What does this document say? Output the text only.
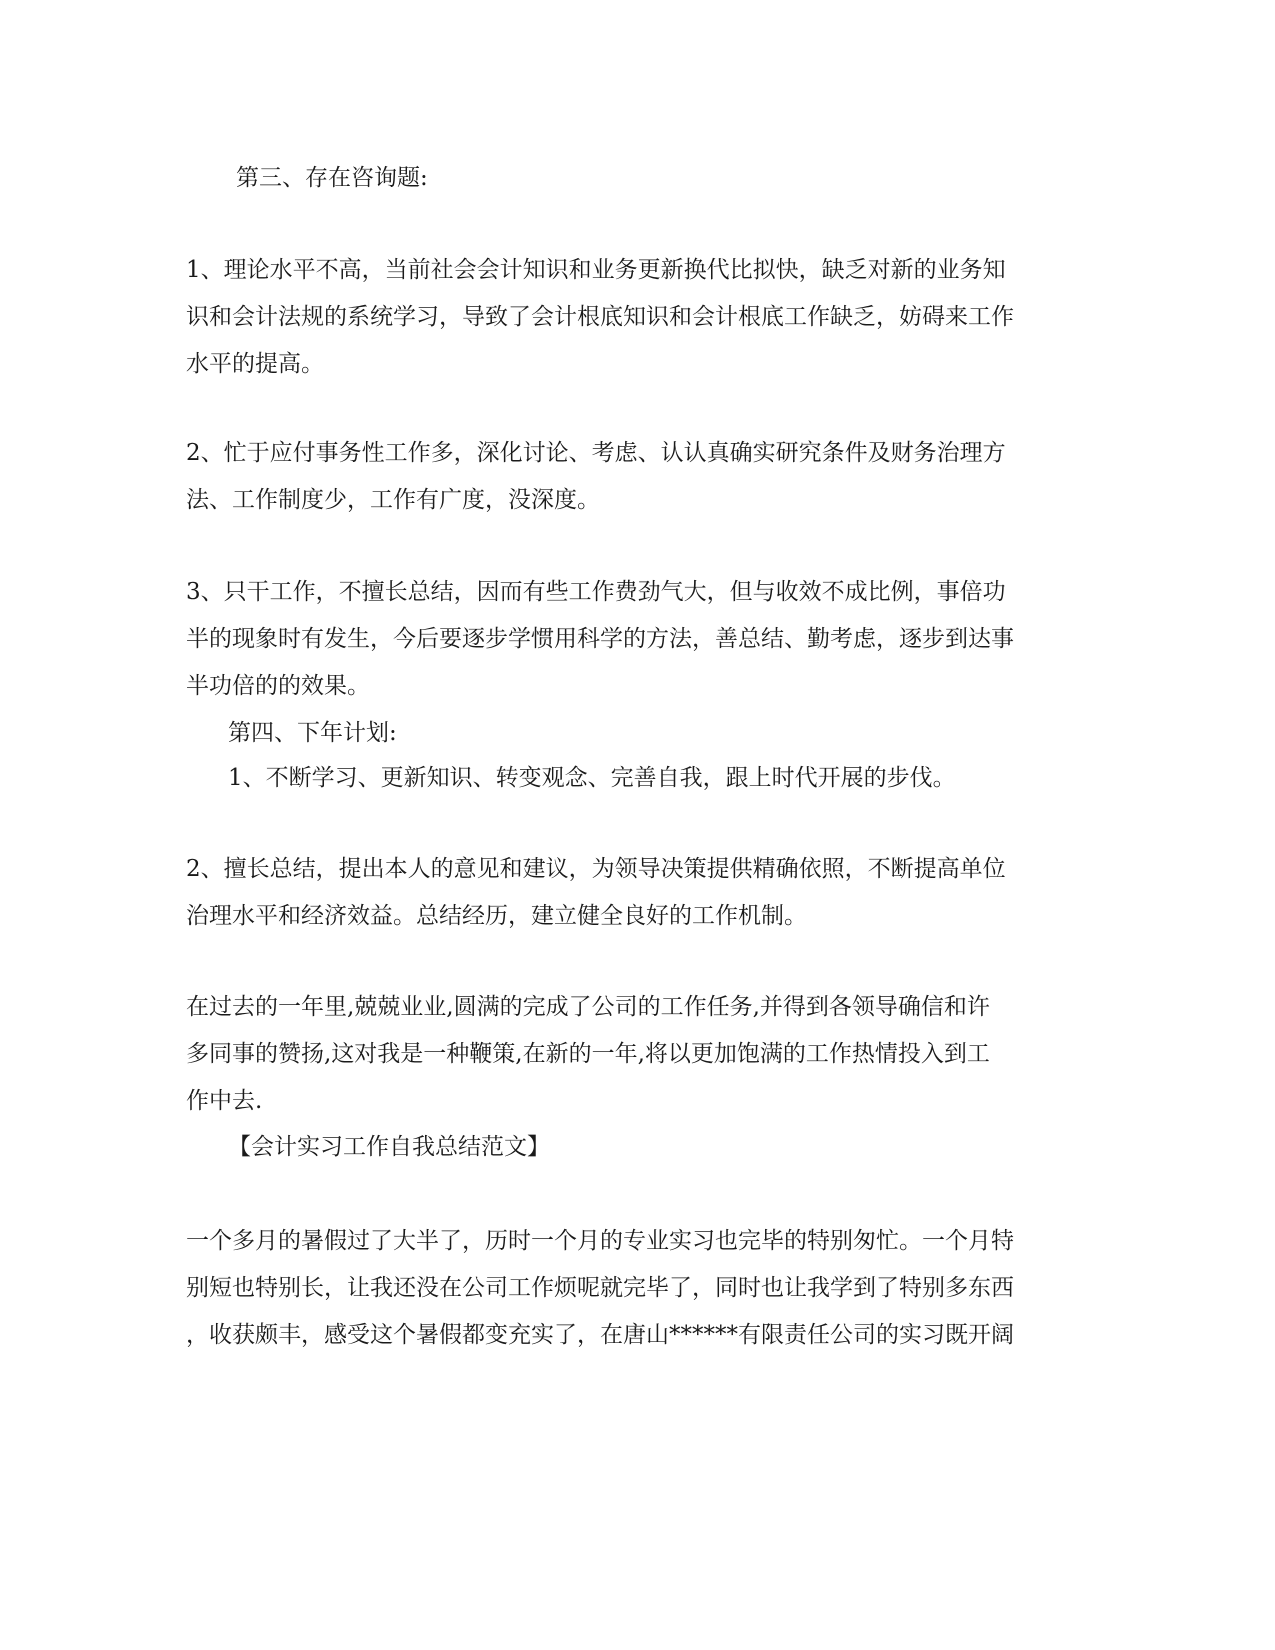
第三、存在咨询题:

1、理论水平不高，当前社会会计知识和业务更新换代比拟快，缺乏对新的业务知
识和会计法规的系统学习，导致了会计根底知识和会计根底工作缺乏，妨碍来工作
水平的提高。

2、忙于应付事务性工作多，深化讨论、考虑、认认真确实研究条件及财务治理方
法、工作制度少，工作有广度，没深度。

3、只干工作，不擅长总结，因而有些工作费劲气大，但与收效不成比例，事倍功
半的现象时有发生，今后要逐步学惯用科学的方法，善总结、勤考虑，逐步到达事
半功倍的的效果。

第四、下年计划:

1、不断学习、更新知识、转变观念、完善自我，跟上时代开展的步伐。

2、擅长总结，提出本人的意见和建议，为领导决策提供精确依照，不断提高单位
治理水平和经济效益。总结经历，建立健全良好的工作机制。

在过去的一年里,兢兢业业,圆满的完成了公司的工作任务,并得到各领导确信和许
多同事的赞扬,这对我是一种鞭策,在新的一年,将以更加饱满的工作热情投入到工
作中去.

【会计实习工作自我总结范文】

一个多月的暑假过了大半了，历时一个月的专业实习也完毕的特别匆忙。一个月特
别短也特别长，让我还没在公司工作烦呢就完毕了，同时也让我学到了特别多东西
，收获颇丰，感受这个暑假都变充实了，在唐山******有限责任公司的实习既开阔
